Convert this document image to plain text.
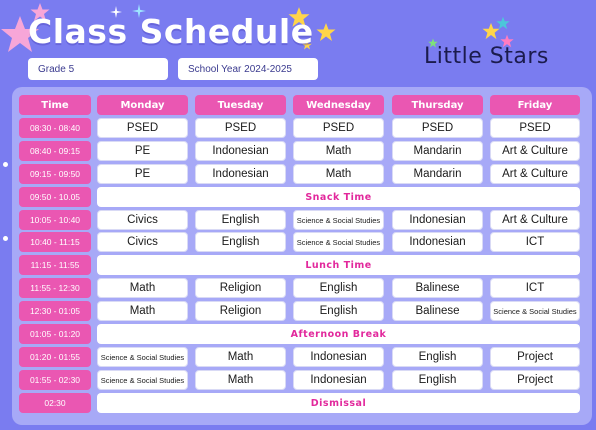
Class Schedule
Little Stars
Grade 5	School Year 2024-2025
Time	Monday	Tuesday	Wednesday	Thursday	Friday
08:30 - 08:40	PSED	PSED	PSED	PSED	PSED
08:40 - 09:15	PE	Indonesian	Math	Mandarin	Art & Culture
09:15 - 09:50	PE	Indonesian	Math	Mandarin	Art & Culture
09:50 - 10.05	Snack Time
10:05 - 10:40	Civics	English	Science & Social Studies	Indonesian	Art & Culture
10:40 - 11:15	Civics	English	Science & Social Studies	Indonesian	ICT
11:15 - 11:55	Lunch Time
11:55 - 12:30	Math	Religion	English	Balinese	ICT
12:30 - 01:05	Math	Religion	English	Balinese	Science & Social Studies
01:05 - 01:20	Afternoon Break
01:20 - 01:55	Science & Social Studies	Math	Indonesian	English	Project
01:55 - 02:30	Science & Social Studies	Math	Indonesian	English	Project
02:30	Dismissal
